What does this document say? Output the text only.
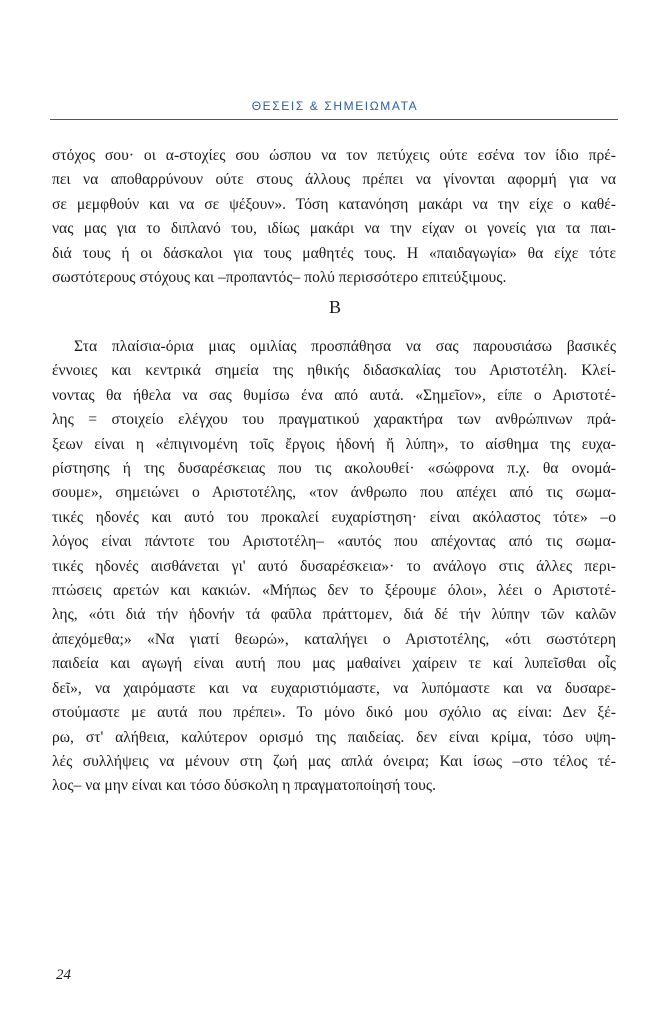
ΘΕΣΕΙΣ & ΣΗΜΕΙΩΜΑΤΑ
στόχος σου· οι α-στοχίες σου ώσπου να τον πετύχεις ούτε εσένα τον ίδιο πρέ-
πει να αποθαρρύνουν ούτε στους άλλους πρέπει να γίνονται αφορμή για να
σε μεμφθούν και να σε ψέξουν». Τόση κατανόηση μακάρι να την είχε ο καθέ-
νας μας για το διπλανό του, ιδίως μακάρι να την είχαν οι γονείς για τα παι-
διά τους ή οι δάσκαλοι για τους μαθητές τους. Η «παιδαγωγία» θα είχε τότε
σωστότερους στόχους και –προπαντός– πολύ περισσότερο επιτεύξιμους.
Β
Στα πλαίσια-όρια μιας ομιλίας προσπάθησα να σας παρουσιάσω βασικές
έννοιες και κεντρικά σημεία της ηθικής διδασκαλίας του Αριστοτέλη. Κλεί-
νοντας θα ήθελα να σας θυμίσω ένα από αυτά. «Σημεῖον», είπε ο Αριστοτέ-
λης = στοιχείο ελέγχου του πραγματικού χαρακτήρα των ανθρώπινων πρά-
ξεων είναι η «ἐπιγινομένη τοῖς ἔργοις ἡδονή ἤ λύπη», το αίσθημα της ευχα-
ρίστησης ή της δυσαρέσκειας που τις ακολουθεί· «σώφρονα π.χ. θα ονομά-
σουμε», σημειώνει ο Αριστοτέλης, «τον άνθρωπο που απέχει από τις σωμα-
τικές ηδονές και αυτό του προκαλεί ευχαρίστηση· είναι ακόλαστος τότε» –ο
λόγος είναι πάντοτε του Αριστοτέλη– «αυτός που απέχοντας από τις σωμα-
τικές ηδονές αισθάνεται γι' αυτό δυσαρέσκεια»· το ανάλογο στις άλλες περι-
πτώσεις αρετών και κακιών. «Μήπως δεν το ξέρουμε όλοι», λέει ο Αριστοτέ-
λης, «ότι διά τήν ἡδονήν τά φαῦλα πράττομεν, διά δέ τήν λύπην τῶν καλῶν
ἀπεχόμεθα;» «Να γιατί θεωρώ», καταλήγει ο Αριστοτέλης, «ότι σωστότερη
παιδεία και αγωγή είναι αυτή που μας μαθαίνει χαίρειν τε καί λυπεῖσθαι οἷς
δεῖ», να χαιρόμαστε και να ευχαριστιόμαστε, να λυπόμαστε και να δυσαρε-
στούμαστε με αυτά που πρέπει». Το μόνο δικό μου σχόλιο ας είναι: Δεν ξέ-
ρω, στ' αλήθεια, καλύτερον ορισμό της παιδείας. δεν είναι κρίμα, τόσο υψη-
λές συλλήψεις να μένουν στη ζωή μας απλά όνειρα; Και ίσως –στο τέλος τέ-
λος– να μην είναι και τόσο δύσκολη η πραγματοποίησή τους.
24
